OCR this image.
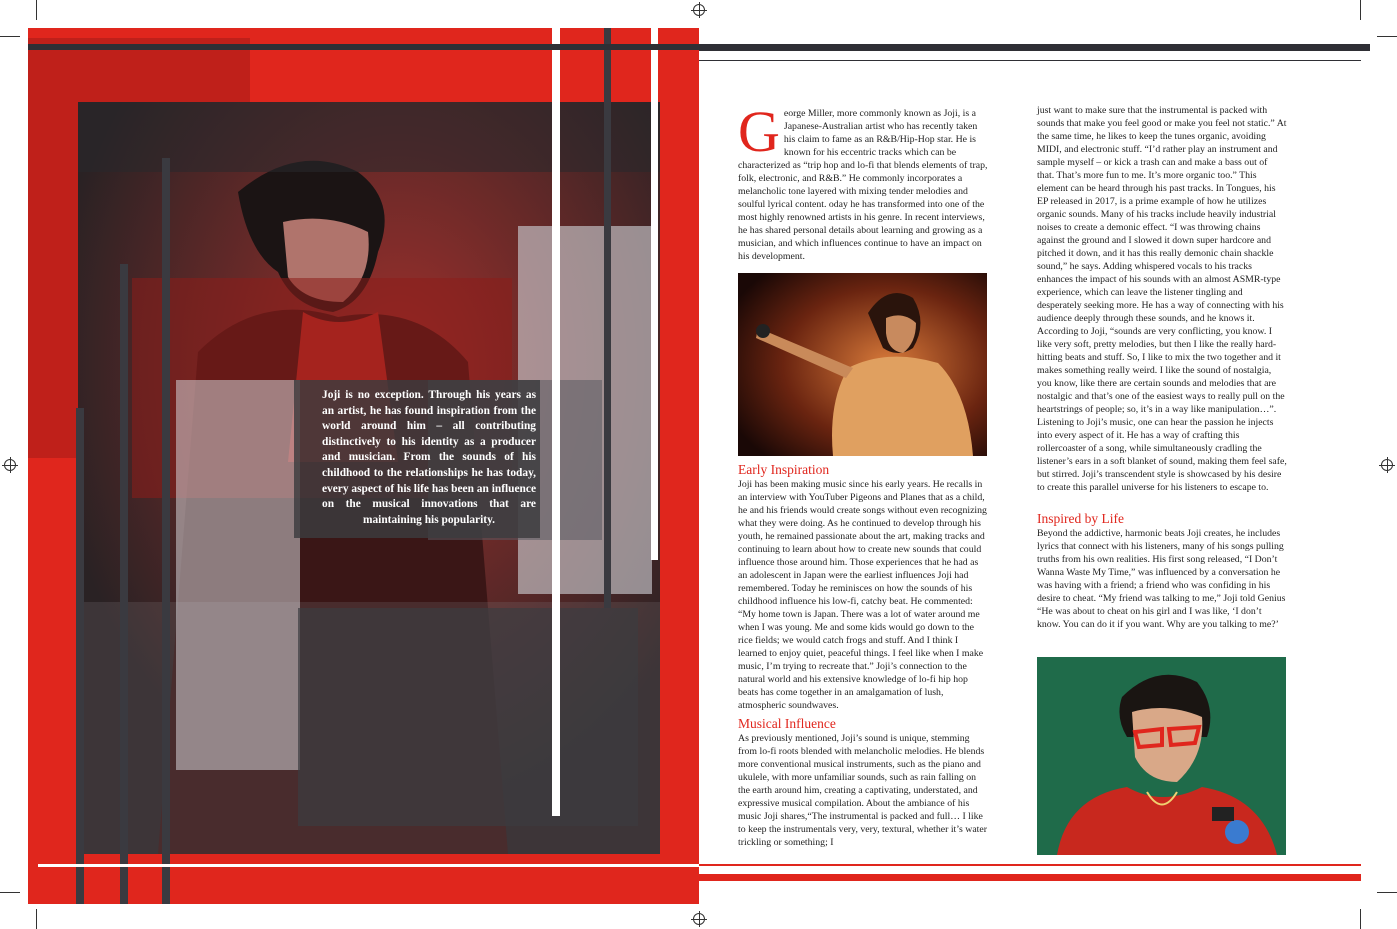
Joji is no exception. Through his years as an artist, he has found inspiration from the world around him – all contributing distinctively to his identity as a producer and musician. From the sounds of his childhood to the relationships he has today, every aspect of his life has been an influence on the musical innovations that are maintaining his popularity.
George Miller, more commonly known as Joji, is a Japanese-Australian artist who has recently taken his claim to fame as an R&B/Hip-Hop star. He is known for his eccentric tracks which can be characterized as “trip hop and lo-fi that blends elements of trap, folk, electronic, and R&B.” He commonly incorporates a melancholic tone layered with mixing tender melodies and soulful lyrical content. oday he has transformed into one of the most highly renowned artists in his genre. In recent interviews, he has shared personal details about learning and growing as a musician, and which influences continue to have an impact on his development.
Early Inspiration
Joji has been making music since his early years. He recalls in an interview with YouTuber Pigeons and Planes that as a child, he and his friends would create songs without even recognizing what they were doing. As he continued to develop through his youth, he remained passionate about the art, making tracks and continuing to learn about how to create new sounds that could influence those around him. Those experiences that he had as an adolescent in Japan were the earliest influences Joji had remembered. Today he reminisces on how the sounds of his childhood influence his low-fi, catchy beat. He commented: “My home town is Japan. There was a lot of water around me when I was young. Me and some kids would go down to the rice fields; we would catch frogs and stuff. And I think I learned to enjoy quiet, peaceful things. I feel like when I make music, I’m trying to recreate that.” Joji’s connection to the natural world and his extensive knowledge of lo-fi hip hop beats has come together in an amalgamation of lush, atmospheric soundwaves.
Musical Influence
As previously mentioned, Joji’s sound is unique, stemming from lo-fi roots blended with melancholic melodies. He blends more conventional musical instruments, such as the piano and ukulele, with more unfamiliar sounds, such as rain falling on the earth around him, creating a captivating, understated, and expressive musical compilation. About the ambiance of his music Joji shares,“The instrumental is packed and full… I like to keep the instrumentals very, very, textural, whether it’s water trickling or something; I
just want to make sure that the instrumental is packed with sounds that make you feel good or make you feel not static.” At the same time, he likes to keep the tunes organic, avoiding MIDI, and electronic stuff. “I’d rather play an instrument and sample myself – or kick a trash can and make a bass out of that. That’s more fun to me. It’s more organic too.” This element can be heard through his past tracks. In Tongues, his EP released in 2017, is a prime example of how he utilizes organic sounds. Many of his tracks include heavily industrial noises to create a demonic effect. “I was throwing chains against the ground and I slowed it down super hardcore and pitched it down, and it has this really demonic chain shackle sound,” he says. Adding whispered vocals to his tracks enhances the impact of his sounds with an almost ASMR-type experience, which can leave the listener tingling and desperately seeking more. He has a way of connecting with his audience deeply through these sounds, and he knows it. According to Joji, “sounds are very conflicting, you know. I like very soft, pretty melodies, but then I like the really hard-hitting beats and stuff. So, I like to mix the two together and it makes something really weird. I like the sound of nostalgia, you know, like there are certain sounds and melodies that are nostalgic and that’s one of the easiest ways to really pull on the heartstrings of people; so, it’s in a way like manipulation…”. Listening to Joji’s music, one can hear the passion he injects into every aspect of it. He has a way of crafting this rollercoaster of a song, while simultaneously cradling the listener’s ears in a soft blanket of sound, making them feel safe, but stirred. Joji’s transcendent style is showcased by his desire to create this parallel universe for his listeners to escape to.
Inspired by Life
Beyond the addictive, harmonic beats Joji creates, he includes lyrics that connect with his listeners, many of his songs pulling truths from his own realities. His first song released, “I Don’t Wanna Waste My Time,” was influenced by a conversation he was having with a friend; a friend who was confiding in his desire to cheat. “My friend was talking to me,” Joji told Genius “He was about to cheat on his girl and I was like, ‘I don’t know. You can do it if you want. Why are you talking to me?’
